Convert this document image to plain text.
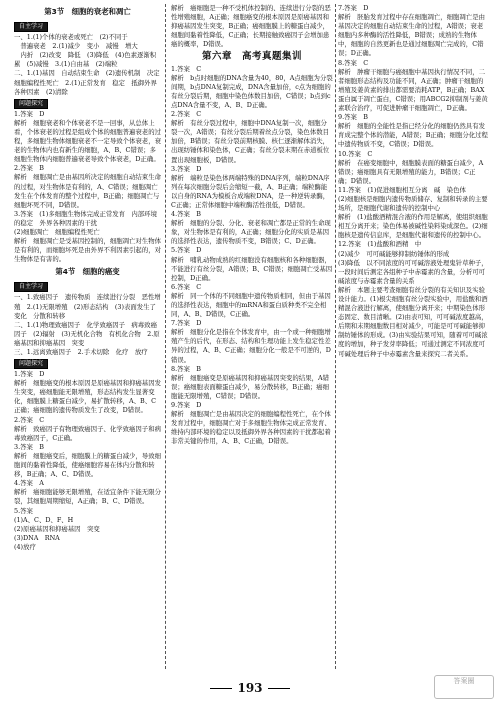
第3节　细胞的衰老和凋亡
自主学习
一、1.(1)个体的衰老或死亡　(2)不同于
　普遍衰老　2.(1)减少　变小　减慢　增大
　内折　(2)改变　降低　(3)降低　(4)色素逐渐积累　(5)减慢　3.(1)自由基　(2)端粒
二、1.(1)基因　自动结束生命　(2)遗传机制　决定　细胞编程性死亡　2.(1)正常发育　稳定　抵御外界各种因素　(2)清除
问题探究
1.答案　D
解析　细胞衰老和个体衰老不是一回事，从总体上看，个体衰老的过程是组成个体的细胞普遍衰老的过程，多细胞生物体细胞衰老不一定导致个体衰老，衰老的生物体内也有新生的细胞，A、B、C错误；多细胞生物体内细胞普遍衰老导致个体衰老，D正确。
2.答案　B
解析　细胞凋亡是由基因所决定的细胞自动结束生命的过程，对生物体是有利的，A、C错误；细胞凋亡发生在个体发育的整个过程中，B正确；细胞凋亡与细胞坏死不同，D错误。
3.答案　(1)多细胞生物体完成正常发育　内部环境的稳定　外界各种因素的干扰
(2)细胞凋亡　细胞编程性死亡
解析　细胞凋亡是受基因控制的，细胞凋亡对生物体是有利的，而细胞坏死是由外界不利因素引起的，对生物体是有害的。
第4节　细胞的癌变
自主学习
一、1.致癌因子　遗传物质　连续进行分裂　恶性增殖　2.(1)无限增殖　(2)形态结构　(3)表面发生了变化　分散和转移
二、1.(1)物理致癌因子　化学致癌因子　病毒致癌因子　(2)辐射　(3)无机化合物　有机化合物　2.原癌基因和抑癌基因　突变
三、1.远离致癌因子　2.手术切除　化疗　放疗
问题探究
1.答案　D
解析　细胞癌变的根本原因是原癌基因和抑癌基因发生突变，癌细胞能无限增殖，形态结构发生显著变化，细胞膜上糖蛋白减少，易扩散转移，A、B、C正确；癌细胞的遗传物质发生了改变，D错误。
2.答案　C
解析　致癌因子有物理致癌因子、化学致癌因子和病毒致癌因子，C正确。
3.答案　B
解析　细胞癌变后，细胞膜上的糖蛋白减少，导致细胞间的黏着性降低，使癌细胞容易在体内分散和转移，B正确；A、C、D错误。
4.答案　A
解析　癌细胞能够无限增殖，在适宜条件下能无限分裂，其细胞周期缩短，A正确；B、C、D错误。
5.答案
(1)A、C、D、F、H
(2)原癌基因和抑癌基因　突变
(3)DNA　RNA
(4)放疗
解析　癌细胞是一种不受机体控制的、连续进行分裂的恶性增殖细胞，A正确；细胞癌变的根本原因是原癌基因和抑癌基因发生突变，B正确；癌细胞膜上的糖蛋白减少，细胞间黏着性降低，C正确；长期接触致癌因子会增加患癌的概率，D错误。
第六章　高考真题集训
1.答案　C
解析　b点时细胞的DNA含量为40，80，A点细胞为分裂间期，b点DNA复制完成，DNA含量加倍，c点为细胞的有丝分裂后期，细胞中染色体数目加倍，C错误；b点到c点DNA含量不变，A、B、D正确。
2.答案　C
解析　有丝分裂过程中，细胞中DNA复制一次，细胞分裂一次，A错误；有丝分裂后期着丝点分裂，染色体数目加倍，B错误；有丝分裂前期核膜、核仁逐渐解体消失，出现纺锤体和染色体，C正确；有丝分裂末期在赤道板位置出现细胞板，D错误。
3.答案　D
解析　端粒是染色体两端特殊的DNA序列，端粒DNA序列在每次细胞分裂后会缩短一截，A、B正确；端粒酶能以自身的RNA为模板合成端粒DNA，是一种逆转录酶，C正确；正常体细胞中端粒酶活性很低，D错误。
4.答案　B
解析　细胞的分裂、分化、衰老和凋亡都是正常的生命现象，对生物体是有利的，A正确；细胞分化的实质是基因的选择性表达，遗传物质不变，B错误；C、D正确。
5.答案　D
解析　哺乳动物成熟的红细胞没有细胞核和各种细胞器，不能进行有丝分裂，A错误；B、C错误；细胞凋亡受基因控制，D正确。
6.答案　C
解析　同一个体的不同细胞中遗传物质相同，但由于基因的选择性表达，细胞中的mRNA和蛋白质种类不完全相同，A、B、D错误，C正确。
7.答案　D
解析　细胞分化是指在个体发育中，由一个或一种细胞增殖产生的后代，在形态、结构和生理功能上发生稳定性差异的过程，A、B、C正确；细胞分化一般是不可逆的，D错误。
8.答案　B
解析　细胞癌变是原癌基因和抑癌基因突变的结果，A错误；癌细胞表面糖蛋白减少，易分散转移，B正确；癌细胞能无限增殖，C错误；D错误。
9.答案　D
解析　细胞凋亡是由基因决定的细胞编程性死亡，在个体发育过程中，细胞凋亡对于多细胞生物体完成正常发育、维持内部环境的稳定以及抵御外界各种因素的干扰都起着非常关键的作用，A、B、C正确，D错误。
7.答案　D
解析　胚胎发育过程中存在细胞凋亡，细胞凋亡是由基因决定的细胞自动结束生命的过程，A错误；衰老细胞内多种酶的活性降低，B错误；成熟的生物体中，细胞的自然更新也是通过细胞凋亡完成的，C错误；D正确。
8.答案　C
解析　肿瘤干细胞与癌细胞中基因执行情况不同，二者细胞形态结构及功能不同，A正确；肿瘤干细胞的增殖及姜黄素的排出都需要消耗ATP，B正确；BAX蛋白属于凋亡蛋白，C错误；用ABCG2抑制剂与姜黄素联合治疗，可促进肿瘤干细胞凋亡，D正确。
9.答案　B
解析　细胞的全能性是指已经分化的细胞仍然具有发育成完整个体的潜能，A错误；B正确；细胞分化过程中遗传物质不变，C错误；D错误。
10.答案　C
解析　在癌变细胞中，细胞膜表面的糖蛋白减少，A错误；癌细胞具有无限增殖的能力，B错误；C正确；D错误。
11.答案　(1)促进细胞相互分离　碱　染色体
(2)细胞核是细胞内遗传物质储存、复制和转录的主要场所，是细胞代谢和遗传的控制中心
解析　(1)盐酸酒精混合液的作用是解离，使组织细胞相互分离开来；染色体易被碱性染料染成深色。(2)细胞核是遗传信息库，是细胞代谢和遗传的控制中心。
12.答案　(1)盐酸和酒精　中
(2)减少　可可碱能够抑制纺锤体的形成
(3)降低　以不同浓度的可可碱溶液处理鬼针草种子，一段时间后测定各组种子中赤霉素的含量，分析可可碱浓度与赤霉素含量的关系
解析　本题主要考查细胞有丝分裂的有关知识及实验设计能力。(1)根尖细胞有丝分裂实验中，用盐酸和酒精混合液进行解离，使细胞分离开来；中期染色体形态固定、数目清晰。(2)由表可知，可可碱浓度越高，后期和末期细胞数目相对减少，可能是可可碱能够抑制纺锤体的形成。(3)由实验结果可知，随着可可碱浓度的增加，种子发芽率降低；可通过测定不同浓度可可碱处理后种子中赤霉素含量来探究二者关系。
193	答案圈
